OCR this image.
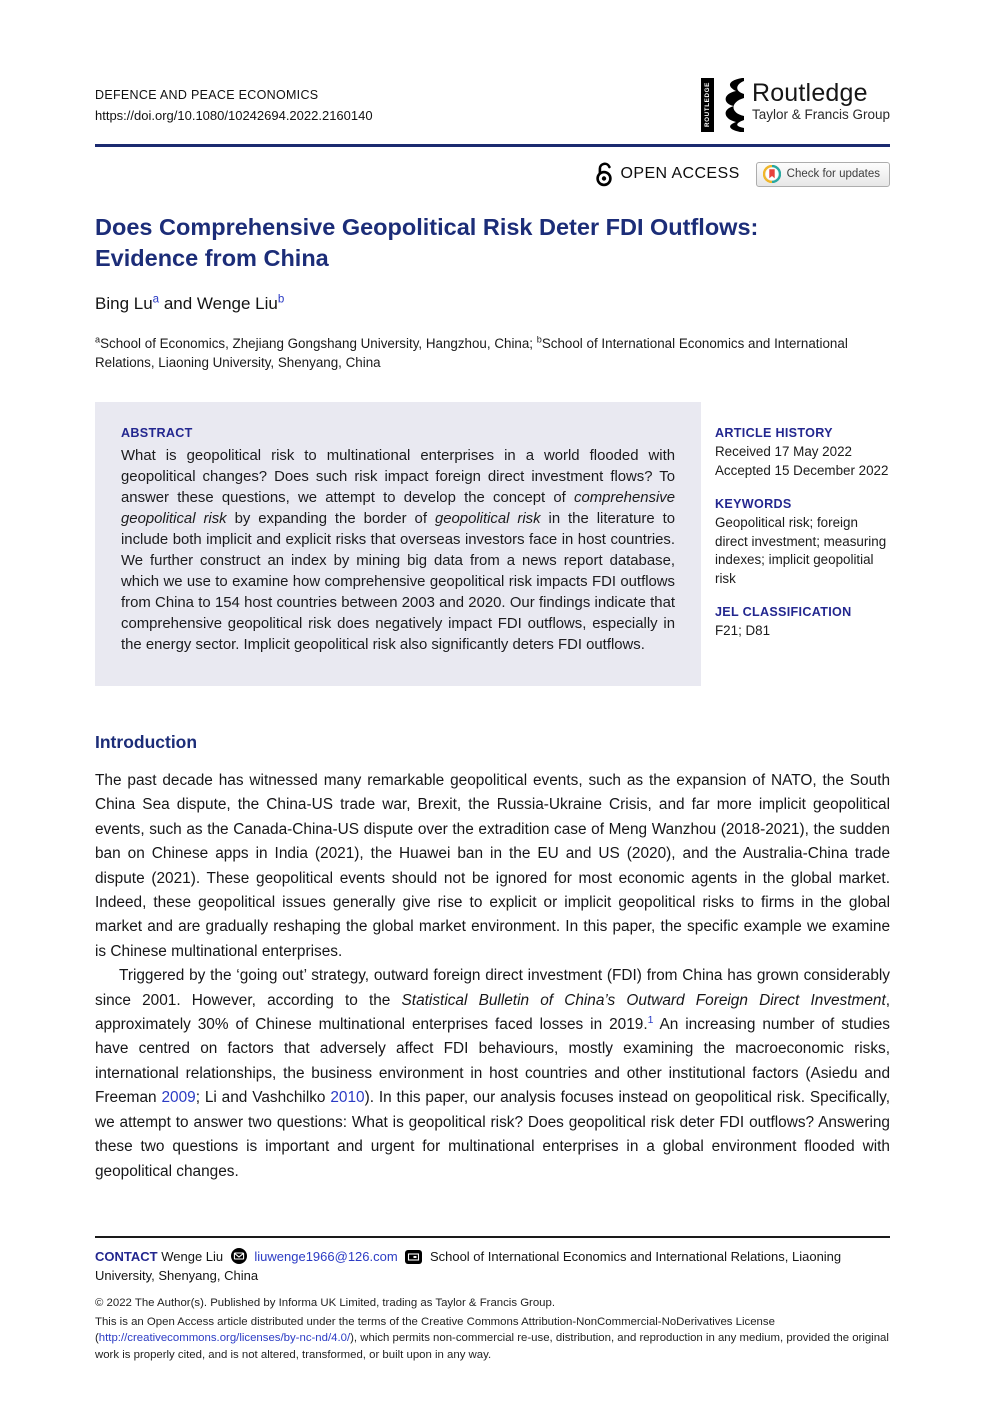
DEFENCE AND PEACE ECONOMICS
https://doi.org/10.1080/10242694.2022.2160140	ROUTLEDGE Routledge
Taylor & Francis Group
OPEN ACCESS	Check for updates
Does Comprehensive Geopolitical Risk Deter FDI Outflows: Evidence from China
Bing Lu$^a$ and Wenge Liu$^b$
$^a$School of Economics, Zhejiang Gongshang University, Hangzhou, China; $^b$School of International Economics and International Relations, Liaoning University, Shenyang, China
ABSTRACT

What is geopolitical risk to multinational enterprises in a world flooded with geopolitical changes? Does such risk impact foreign direct investment flows? To answer these questions, we attempt to develop the concept of comprehensive geopolitical risk by expanding the border of geopolitical risk in the literature to include both implicit and explicit risks that overseas investors face in host countries. We further construct an index by mining big data from a news report database, which we use to examine how comprehensive geopolitical risk impacts FDI outflows from China to 154 host countries between 2003 and 2020. Our findings indicate that comprehensive geopolitical risk does negatively impact FDI outflows, especially in the energy sector. Implicit geopolitical risk also significantly deters FDI outflows.

ARTICLE HISTORY
Received 17 May 2022
Accepted 15 December 2022
KEYWORDS
Geopolitical risk; foreign direct investment; measuring indexes; implicit geopolitial risk
JEL CLASSIFICATION
F21; D81
Introduction

The past decade has witnessed many remarkable geopolitical events, such as the expansion of NATO, the South China Sea dispute, the China-US trade war, Brexit, the Russia-Ukraine Crisis, and far more implicit geopolitical events, such as the Canada-China-US dispute over the extradition case of Meng Wanzhou (2018-2021), the sudden ban on Chinese apps in India (2021), the Huawei ban in the EU and US (2020), and the Australia-China trade dispute (2021). These geopolitical events should not be ignored for most economic agents in the global market. Indeed, these geopolitical issues generally give rise to explicit or implicit geopolitical risks to firms in the global market and are gradually reshaping the global market environment. In this paper, the specific example we examine is Chinese multinational enterprises.

Triggered by the ‘going out’ strategy, outward foreign direct investment (FDI) from China has grown considerably since 2001. However, according to the Statistical Bulletin of China’s Outward Foreign Direct Investment, approximately 30% of Chinese multinational enterprises faced losses in 2019.$^1$ An increasing number of studies have centred on factors that adversely affect FDI behaviours, mostly examining the macroeconomic risks, international relationships, the business environment in host countries and other institutional factors (Asiedu and Freeman 2009; Li and Vashchilko 2010). In this paper, our analysis focuses instead on geopolitical risk. Specifically, we attempt to answer two questions: What is geopolitical risk? Does geopolitical risk deter FDI outflows? Answering these two questions is important and urgent for multinational enterprises in a global environment flooded with geopolitical changes.

CONTACT Wenge Liu liuwenge1966@126.com School of International Economics and International Relations, Liaoning University, Shenyang, China

© 2022 The Author(s). Published by Informa UK Limited, trading as Taylor & Francis Group.

This is an Open Access article distributed under the terms of the Creative Commons Attribution-NonCommercial-NoDerivatives License (http://creativecommons.org/licenses/by-nc-nd/4.0/), which permits non-commercial re-use, distribution, and reproduction in any medium, provided the original work is properly cited, and is not altered, transformed, or built upon in any way.
